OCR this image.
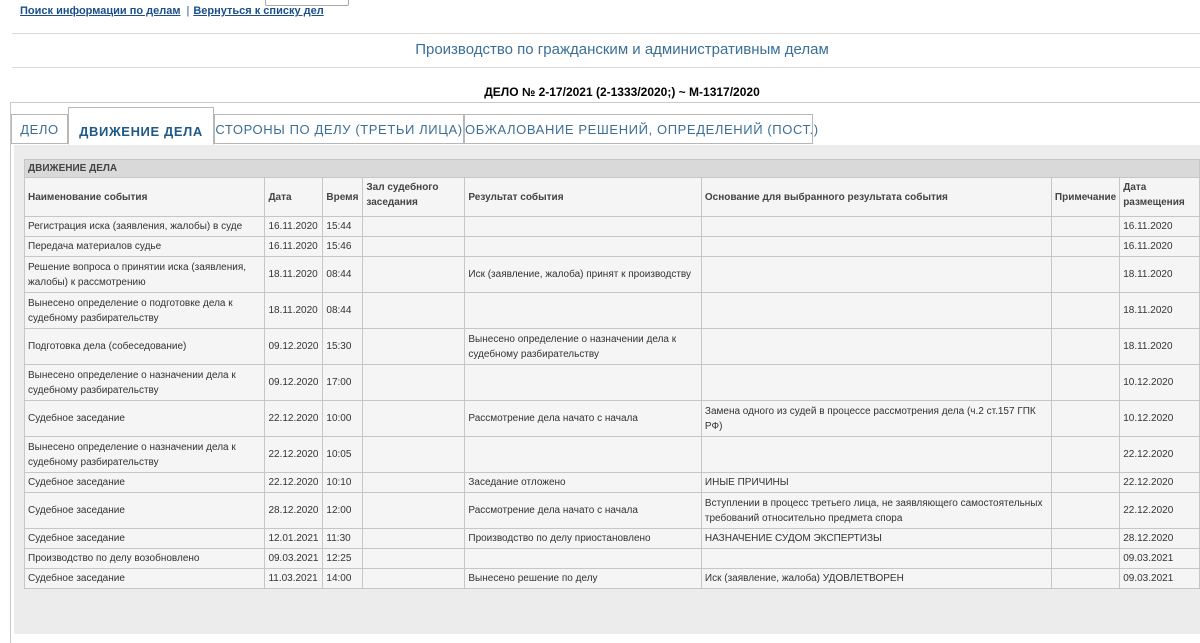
Поиск информации по делам | Вернуться к списку дел
Производство по гражданским и административным делам
ДЕЛО № 2-17/2021 (2-1333/2020;) ~ М-1317/2020
ДЕЛО	ДВИЖЕНИЕ ДЕЛА СТОРОНЫ ПО ДЕЛУ (ТРЕТЬИ ЛИЦА) ОБЖАЛОВАНИЕ РЕШЕНИЙ, ОПРЕДЕЛЕНИЙ (ПОСТ.)
ДВИЖЕНИЕ ДЕЛА							
Наименование события	Дата	Время	Зал судебного заседания	Результат события	Основание для выбранного результата события	Примечание	Дата размещения
Регистрация иска (заявления, жалобы) в суде	16.11.2020	15:44					16.11.2020
Передача материалов судье	16.11.2020	15:46					16.11.2020
Решение вопроса о принятии иска (заявления, жалобы) к рассмотрению	18.11.2020	08:44		Иск (заявление, жалоба) принят к производству			18.11.2020
Вынесено определение о подготовке дела к судебному разбирательству	18.11.2020	08:44					18.11.2020
Подготовка дела (собеседование)	09.12.2020	15:30		Вынесено определение о назначении дела к судебному разбирательству			18.11.2020
Вынесено определение о назначении дела к судебному разбирательству	09.12.2020	17:00					10.12.2020
Судебное заседание	22.12.2020	10:00		Рассмотрение дела начато с начала	Замена одного из судей в процессе рассмотрения дела (ч.2 ст.157 ГПК РФ)		10.12.2020
Вынесено определение о назначении дела к судебному разбирательству	22.12.2020	10:05					22.12.2020
Судебное заседание	22.12.2020	10:10		Заседание отложено	ИНЫЕ ПРИЧИНЫ		22.12.2020
Судебное заседание	28.12.2020	12:00		Рассмотрение дела начато с начала	Вступлении в процесс третьего лица, не заявляющего самостоятельных требований относительно предмета спора		22.12.2020
Судебное заседание	12.01.2021	11:30		Производство по делу приостановлено	НАЗНАЧЕНИЕ СУДОМ ЭКСПЕРТИЗЫ		28.12.2020
Производство по делу возобновлено	09.03.2021	12:25					09.03.2021
Судебное заседание	11.03.2021	14:00		Вынесено решение по делу	Иск (заявление, жалоба) УДОВЛЕТВОРЕН		09.03.2021
